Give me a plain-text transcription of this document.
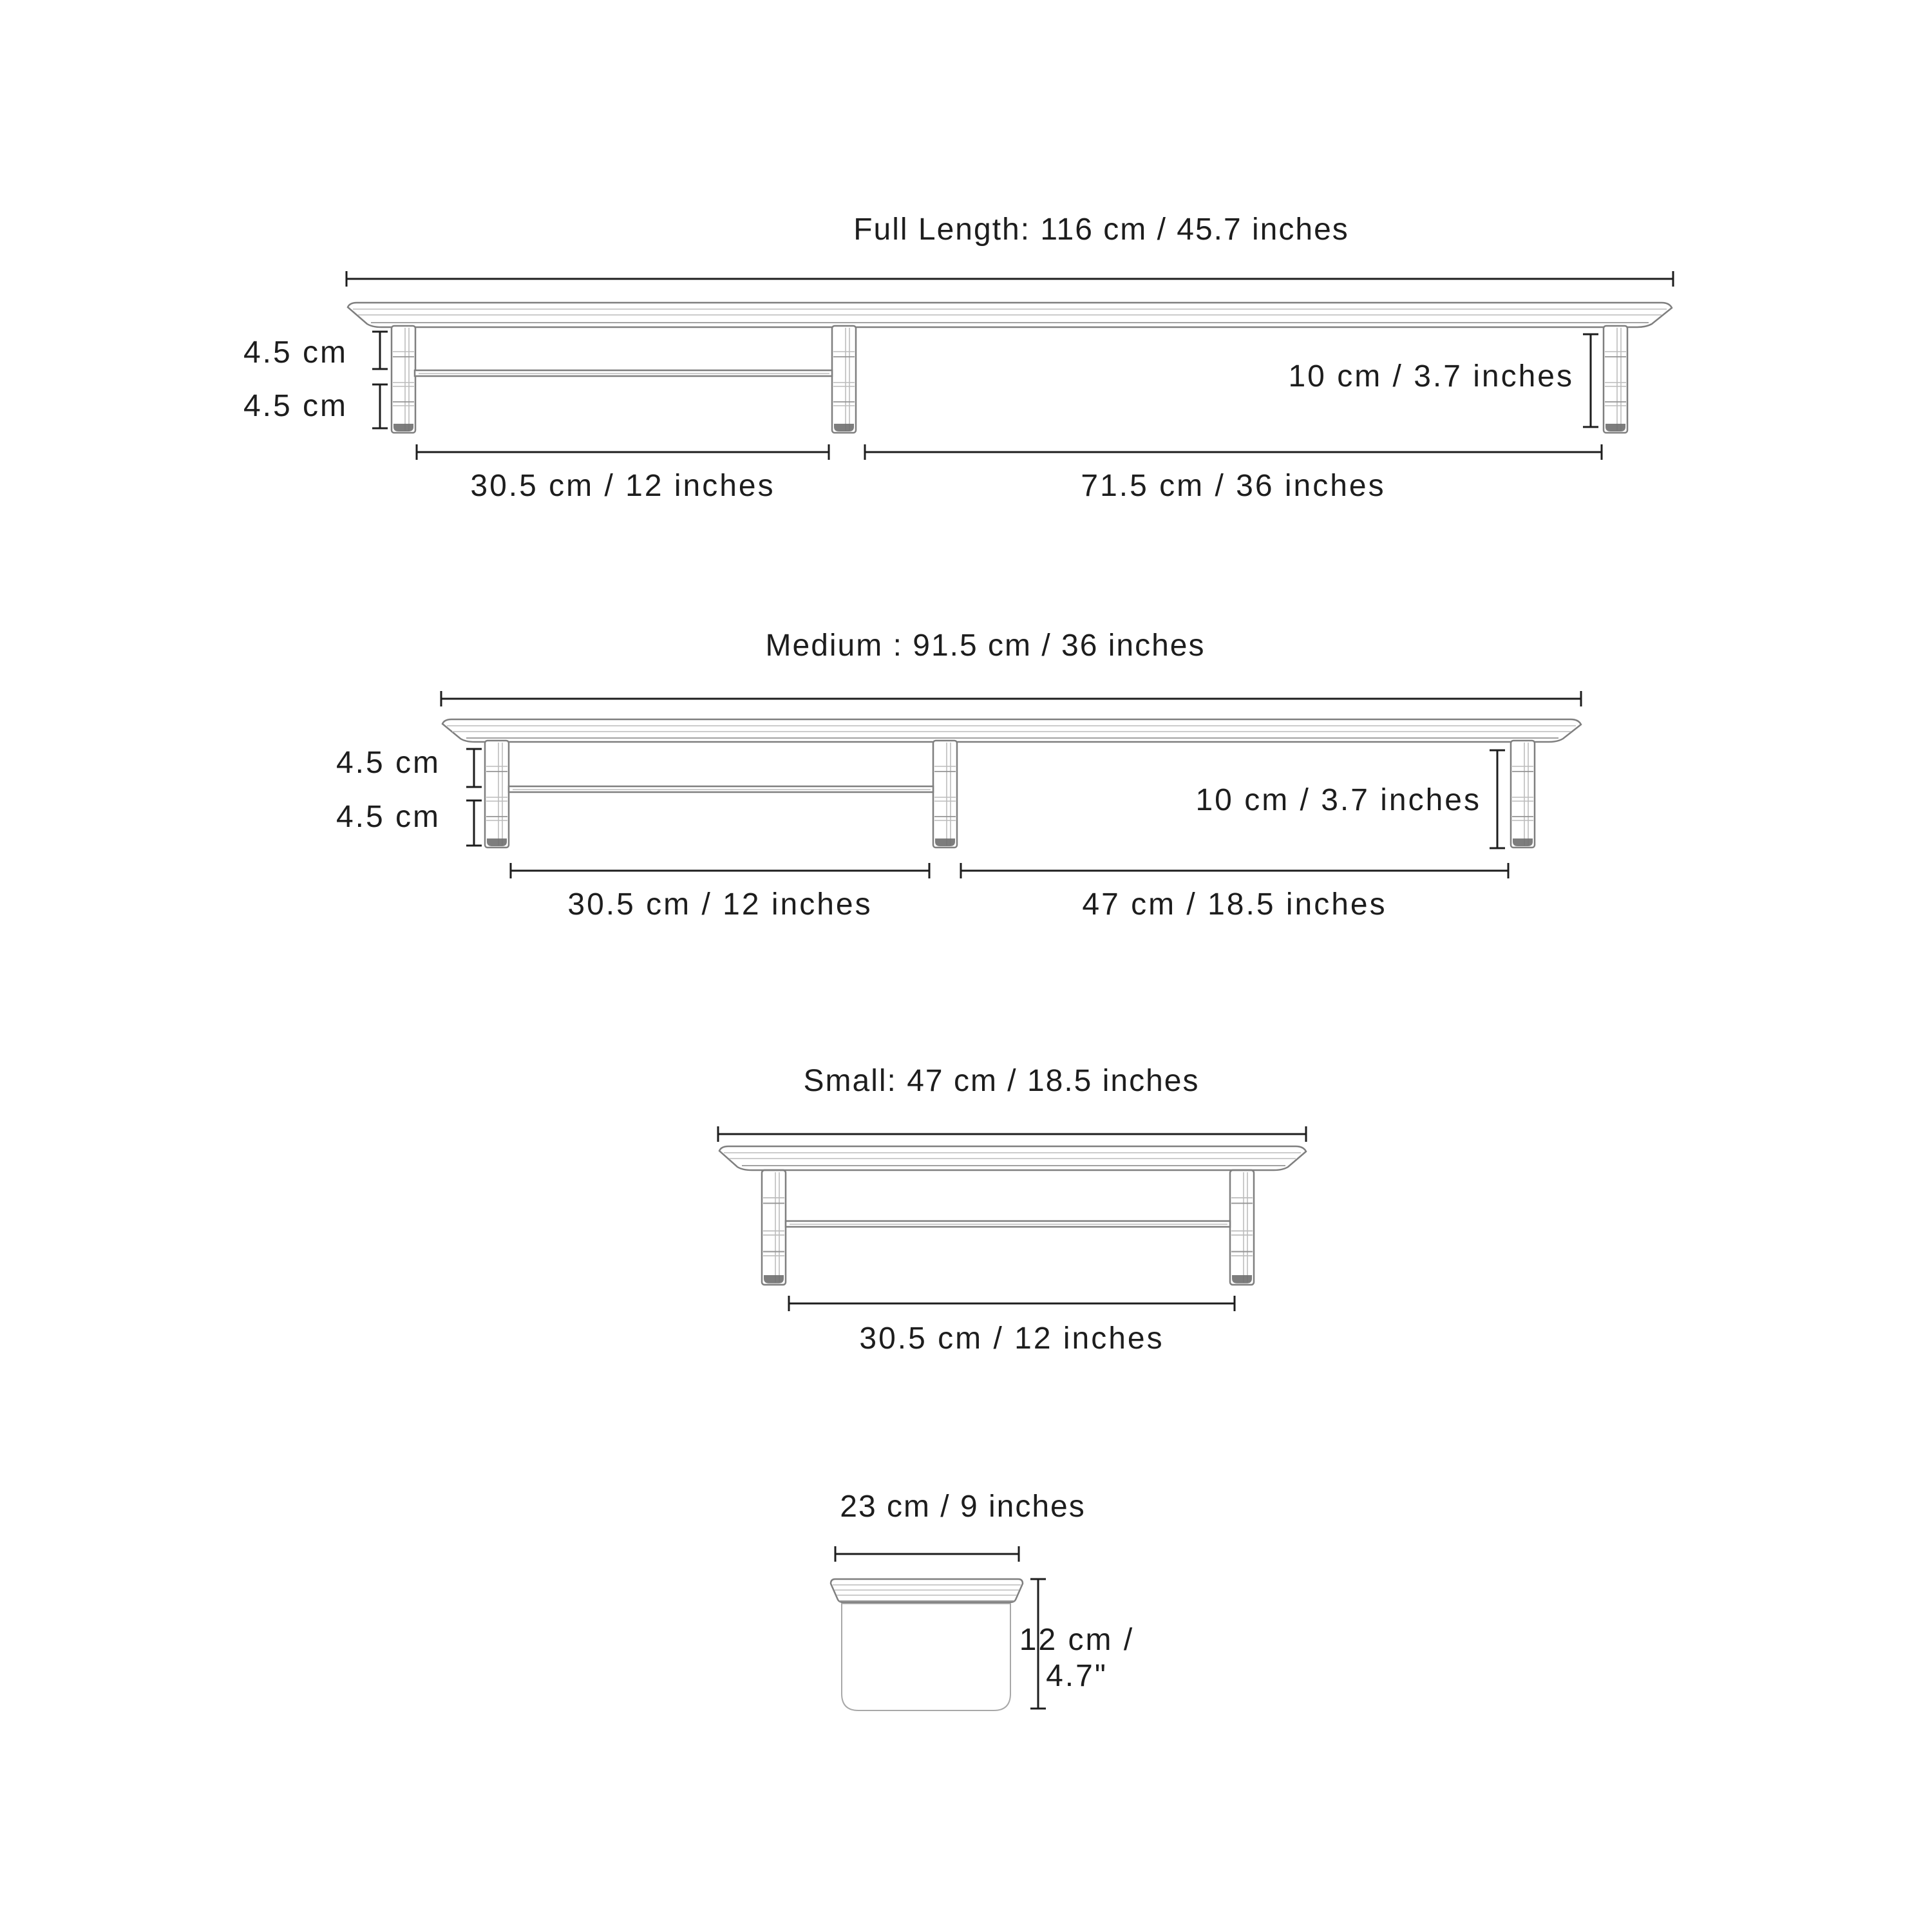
Full Length: 116 cm / 45.7 inches
4.5 cm
4.5 cm
10 cm / 3.7 inches
30.5 cm / 12 inches	71.5 cm / 36 inches
Medium : 91.5 cm / 36 inches
4.5 cm
4.5 cm	10 cm / 3.7 inches
30.5 cm / 12 inches	47 cm / 18.5 inches
Small: 47 cm / 18.5 inches
30.5 cm / 12 inches
23 cm / 9 inches
12 cm /
4.7"
